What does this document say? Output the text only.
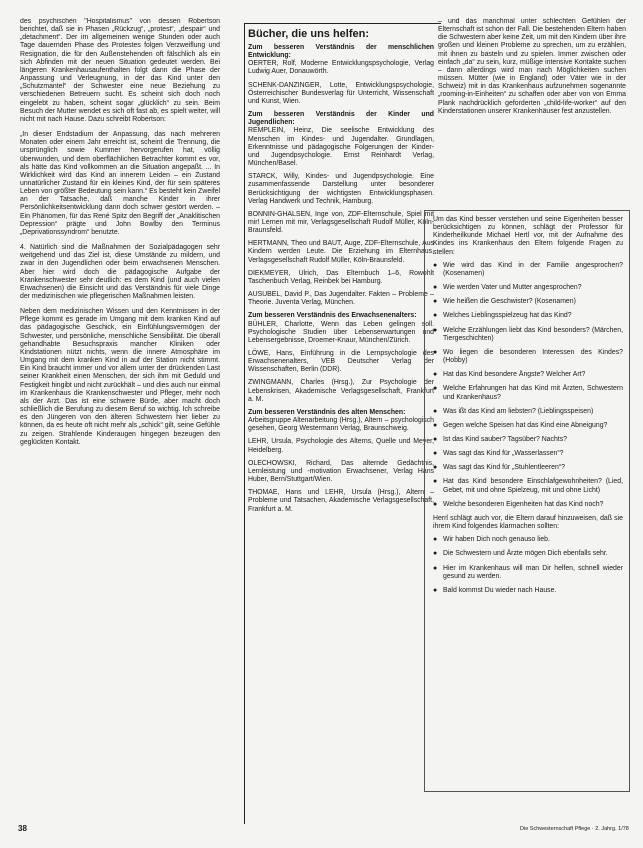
des psychischen "Hospitalismus" von dessen Robertson berichtet, daß sie in Phasen „Rückzug“, „protest“, „despair“ und „detachment“. Der im allgemeinen wenige Stunden oder auch Tage dauernden Phase des Protestes folgen Verzweiflung und Resignation, die für den Außenstehenden oft fälschlich als ein sich Abfinden mit der neuen Situation gedeutet werden. Bei längeren Krankenhausaufenthalten folgt dann die Phase der Anpassung und Verleugnung, in der das Kind unter den „Schutzmantel“ der Schwester eine neue Beziehung zu verschiedenen Betreuern sucht. Es scheint sich doch noch eingelebt zu haben, scheint sogar „glücklich“ zu sein. Beim Besuch der Mutter wendet es sich oft fast ab, es spielt weiter, will nicht mit nach Hause. Dazu schreibt Robertson:

„In dieser Endstadium der Anpassung, das nach mehreren Monaten oder einem Jahr erreicht ist, scheint die Trennung, die ursprünglich sowie Kummer hervorgerufen hat, völlig überwunden, und dem oberflächlichen Betrachter kommt es vor, als hätte das Kind vollkommen an die Situation angepaßt. ... In Wirklichkeit wird das Kind an innerem Leiden – ein Zustand unnatürlicher Zustand für ein kleines Kind, der für sein späteres Leben von größter Bedeutung sein kann.“ Es besteht kein Zweifel an der Tatsache, daß manche Kinder in ihrer Persönlichkeitsentwicklung dann doch schwer gestört werden. – Ein Phänomen, für das René Spitz den Begriff der „Anaklitischen Depression“ prägte und John Bowlby den Terminus „Deprivationssyndrom“ benutzte.

4. Natürlich sind die Maßnahmen der Sozialpädagogen sehr weitgehend und das Ziel ist, diese Umstände zu mildern, und zwar in den Jugendlichen oder beim erwachsenen Menschen. Aber hier wird doch die pädagogische Aufgabe der Krankenschwester sehr deutlich: es dem Kind (und auch vielen Erwachsenen) die Einsicht und das Verständnis für viele Dinge der medizinischen wie pflegerischen Maßnahmen leisten.

Neben dem medizinischen Wissen und den Kenntnissen in der Pflege kommt es gerade im Umgang mit dem kranken Kind auf das pädagogische Geschick, ein Einfühlungsvermögen der Schwester, und persönliche, menschliche Sensibilität. Die überall gehandhabte Besuchspraxis mancher Kliniken oder Kindstationen nützt nichts, wenn die innere Atmosphäre im Umgang mit dem kranken Kind in auf der Station nicht stimmt. Ein Kind braucht immer und vor allem unter der drückenden Last seiner Krankheit einen Menschen, der sich ihm mit Geduld und Festigkeit hingibt und nicht zurückhält – und dies auch nur einmal im Krankenhaus die Krankenschwester und Pfleger, mehr noch als der Arzt. Das ist eine schwere Bürde, aber macht doch schließlich die Berufung zu diesem Beruf so wichtig. Ich schreibe es den Jüngeren von den älteren Schwestern hier lieber zu können, da es heute oft nicht mehr als „schick“ gilt, seine Gefühle zu zeigen. Strahlende Kinderaugen hingegen bezeugen den geglückten Kontakt.

Bücher, die uns helfen:
Zum besseren Verständnis der menschlichen Entwicklung:
OERTER, Rolf, Moderne Entwicklungspsychologie, Verlag Ludwig Auer, Donauwörth.
SCHENK-DANZINGER, Lotte, Entwicklungspsychologie, Österreichischer Bundesverlag für Unterricht, Wissenschaft und Kunst, Wien.
Zum besseren Verständnis der Kinder und Jugendlichen:
REMPLEIN, Heinz, Die seelische Entwicklung des Menschen im Kindes- und Jugendalter. Grundlagen, Erkenntnisse und pädagogische Folgerungen der Kinder- und Jugendpsychologie. Ernst Reinhardt Verlag, München/Basel.
STARCK, Willy, Kindes- und Jugendpsychologie. Eine zusammenfassende Darstellung unter besonderer Berücksichtigung der wichtigsten Entwicklungsphasen. Verlag Handwerk und Technik, Hamburg.
BONNIN-GHALSEN, Inge von, ZDF-Elternschule, Spiel mit mir! Lernen mit mir, Verlagsgesellschaft Rudolf Müller, Köln-Braunsfeld.
HERTMANN, Theo und BAUT, Auge, ZDF-Elternschule, Aus Kindern werden Leute. Die Erziehung im Elternhaus, Verlagsgesellschaft Rudolf Müller, Köln-Braunsfeld.
DIEKMEYER, Ulrich, Das Elternbuch 1–6, Rowohlt Taschenbuch Verlag, Reinbek bei Hamburg.
AUSUBEL, David P., Das Jugendalter. Fakten – Probleme – Theorie. Juventa Verlag, München.
Zum besseren Verständnis des Erwachsenenalters:
BÜHLER, Charlotte, Wenn das Leben gelingen soll. Psychologische Studien über Lebenserwartungen und Lebensergebnisse, Droemer-Knaur, München/Zürich.
LÖWE, Hans, Einführung in die Lernpsychologie des Erwachsenenalters, VEB Deutscher Verlag der Wissenschaften, Berlin (DDR).
ZWINGMANN, Charles (Hrsg.), Zur Psychologie der Lebenskrisen, Akademische Verlagsgesellschaft, Frankfurt a. M.
Zum besseren Verständnis des alten Menschen:
Arbeitsgruppe Altenarbeitung (Hrsg.), Altern – psychologisch gesehen, Georg Westermann Verlag, Braunschweig.
LEHR, Ursula, Psychologie des Alterns, Quelle und Meyer, Heidelberg.
OLECHOWSKI, Richard, Das alternde Gedächtnis, Lernleistung und -motivation Erwachsener, Verlag Hans Huber, Bern/Stuttgart/Wien.
THOMAE, Hans und LEHR, Ursula (Hrsg.), Altern – Probleme und Tatsachen, Akademische Verlagsgesellschaft, Frankfurt a. M.

– und das manchmal unter schlechten Gefühlen der Elternschaft ist schon der Fall. Die bestehenden Eltern haben die Schwestern aber keine Zeit, um mit den Kindern über ihre großen und kleinen Probleme zu sprechen, um zu erzählen, mit ihnen zu basteln und zu spielen. Immer zwischen oder einfach „da“ zu sein, kurz, müßige intensive Kontakte suchen – dann allerdings wird man nach Möglichkeiten suchen müssen. Mütter (wie in England) oder Väter wie in der Schweiz) mit in das Krankenhaus aufzunehmen sogenannte „rooming-in-Einheiten“ zu schaffen oder aber von von Emma Plank nachdrücklich geforderten „child-life-worker“ auf den Kinderstationen unserer Krankenhäuser fest anzustellen.

Um das Kind besser verstehen und seine Eigenheiten besser berücksichtigen zu können, schlägt der Professor für Kinderheilkunde Michael Hertl vor, mit der Aufnahme des Kindes ins Krankenhaus den Eltern folgende Fragen zu stellen:

● Wie wird das Kind in der Familie angesprochen? (Kosenamen)
● Wie werden Vater und Mutter angesprochen?
● Wie heißen die Geschwister? (Kosenamen)
● Welches Lieblingsspielzeug hat das Kind?
● Welche Erzählungen liebt das Kind besonders? (Märchen, Tiergeschichten)
● Wo liegen die besonderen Interessen des Kindes? (Hobby)
● Hat das Kind besondere Ängste? Welcher Art?
● Welche Erfahrungen hat das Kind mit Ärzten, Schwestern und Krankenhaus?
● Was ißt das Kind am liebsten? (Lieblingsspeisen)
● Gegen welche Speisen hat das Kind eine Abneigung?
● Ist das Kind sauber? Tagsüber? Nachts?
● Was sagt das Kind für „Wasserlassen“?
● Was sagt das Kind für „Stuhlentleeren“?
● Hat das Kind besondere Einschlafgewohnheiten? (Lied, Gebet, mit und ohne Spielzeug, mit und ohne Licht)
● Welche besonderen Eigenheiten hat das Kind noch?

Herrl schlägt auch vor, die Eltern darauf hinzuweisen, daß sie ihrem Kind folgendes klarmachen sollten:

● Wir haben Dich noch genauso lieb.
● Die Schwestern und Ärzte mögen Dich ebenfalls sehr.
● Hier im Krankenhaus will man Dir helfen, schnell wieder gesund zu werden.
● Bald kommst Du wieder nach Hause.
38	Die Schwesternschaft Pflege · 2. Jahrg. 1/78
